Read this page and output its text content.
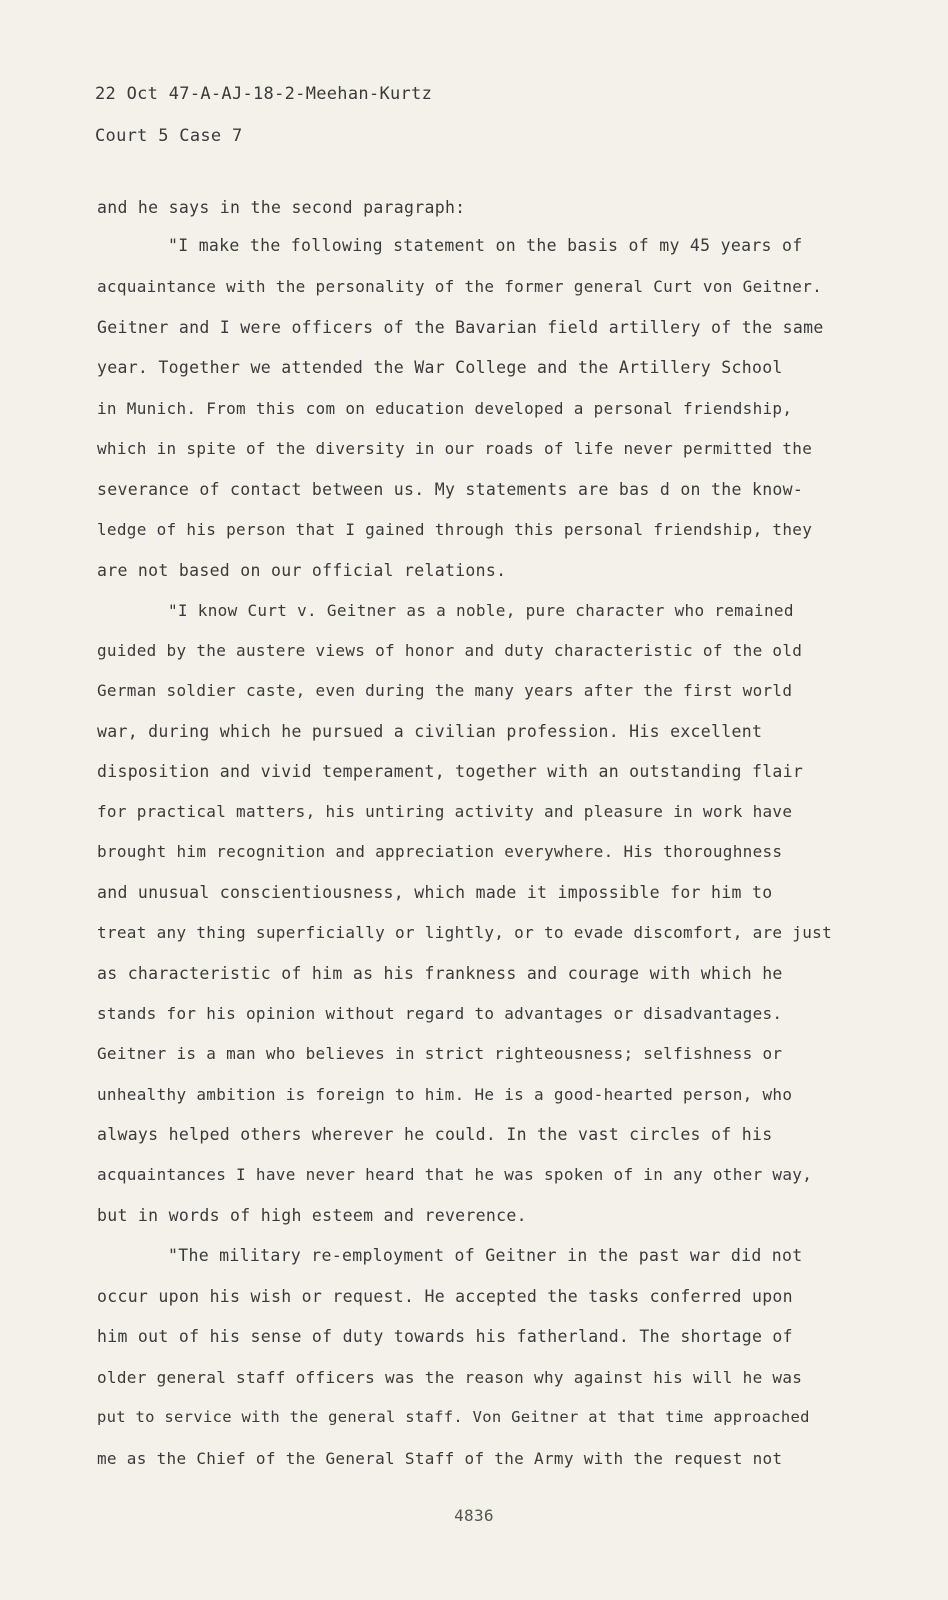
22 Oct 47-A-AJ-18-2-Meehan-Kurtz
Court 5 Case 7
and he says in the second paragraph:
"I make the following statement on the basis of my 45 years of
acquaintance with the personality of the former general Curt von Geitner.
Geitner and I were officers of the Bavarian field artillery of the same
year. Together we attended the War College and the Artillery School
in Munich. From this com on education developed a personal friendship,
which in spite of the diversity in our roads of life never permitted the
severance of contact between us. My statements are bas d on the know-
ledge of his person that I gained through this personal friendship, they
are not based on our official relations.
"I know Curt v. Geitner as a noble, pure character who remained
guided by the austere views of honor and duty characteristic of the old
German soldier caste, even during the many years after the first world
war, during which he pursued a civilian profession. His excellent
disposition and vivid temperament, together with an outstanding flair
for practical matters, his untiring activity and pleasure in work have
brought him recognition and appreciation everywhere. His thoroughness
and unusual conscientiousness, which made it impossible for him to
treat any thing superficially or lightly, or to evade discomfort, are just
as characteristic of him as his frankness and courage with which he
stands for his opinion without regard to advantages or disadvantages.
Geitner is a man who believes in strict righteousness; selfishness or
unhealthy ambition is foreign to him. He is a good-hearted person, who
always helped others wherever he could. In the vast circles of his
acquaintances I have never heard that he was spoken of in any other way,
but in words of high esteem and reverence.
"The military re-employment of Geitner in the past war did not
occur upon his wish or request. He accepted the tasks conferred upon
him out of his sense of duty towards his fatherland. The shortage of
older general staff officers was the reason why against his will he was
put to service with the general staff. Von Geitner at that time approached
me as the Chief of the General Staff of the Army with the request not
4836
